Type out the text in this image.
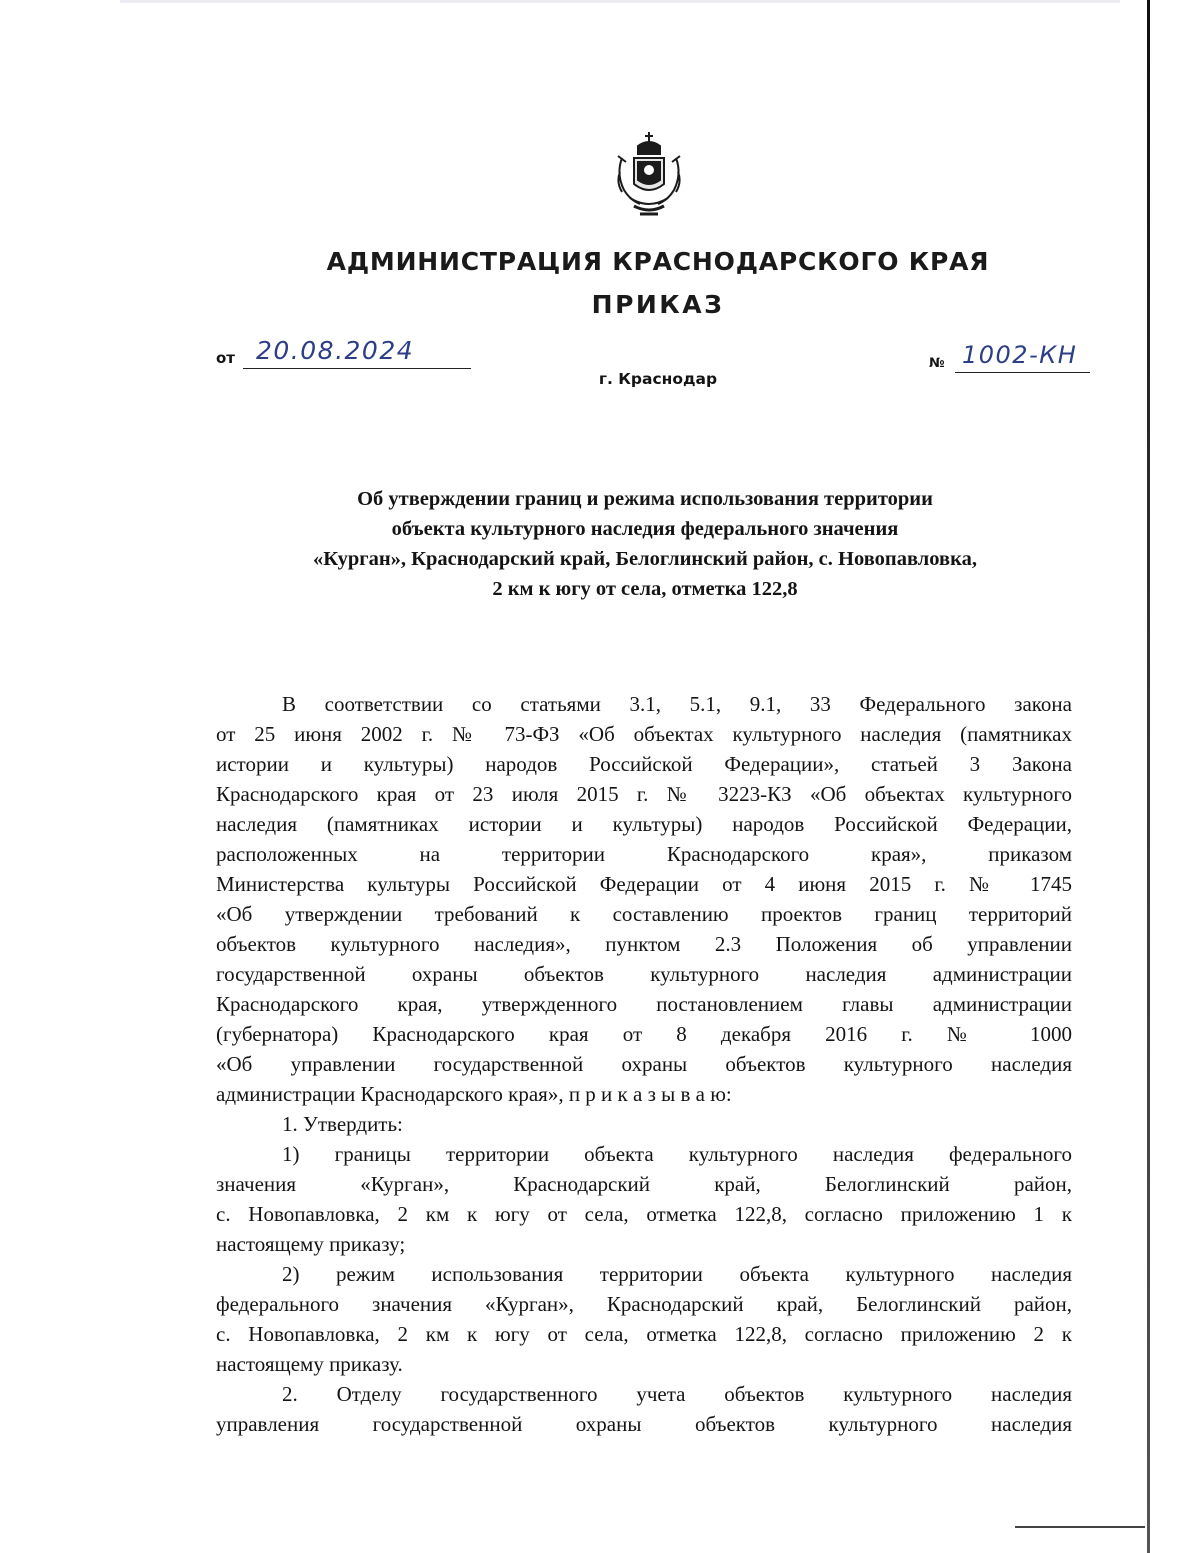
АДМИНИСТРАЦИЯ КРАСНОДАРСКОГО КРАЯ
ПРИКАЗ
от 20.08.2024
г. Краснодар
№ 1002-КН
Об утверждении границ и режима использования территории
объекта культурного наследия федерального значения
«Курган», Краснодарский край, Белоглинский район, с. Новопавловка,
2 км к югу от села, отметка 122,8
В соответствии со статьями 3.1, 5.1, 9.1, 33 Федерального закона
от 25 июня 2002 г. № 73-ФЗ «Об объектах культурного наследия (памятниках
истории и культуры) народов Российской Федерации», статьей 3 Закона
Краснодарского края от 23 июля 2015 г. № 3223-КЗ «Об объектах культурного
наследия (памятниках истории и культуры) народов Российской Федерации,
расположенных на территории Краснодарского края», приказом
Министерства культуры Российской Федерации от 4 июня 2015 г. № 1745
«Об утверждении требований к составлению проектов границ территорий
объектов культурного наследия», пунктом 2.3 Положения об управлении
государственной охраны объектов культурного наследия администрации
Краснодарского края, утвержденного постановлением главы администрации
(губернатора) Краснодарского края от 8 декабря 2016 г. № 1000
«Об управлении государственной охраны объектов культурного наследия
администрации Краснодарского края», п р и к а з ы в а ю:
1. Утвердить:
1) границы территории объекта культурного наследия федерального
значения «Курган», Краснодарский край, Белоглинский район,
с. Новопавловка, 2 км к югу от села, отметка 122,8, согласно приложению 1 к
настоящему приказу;
2) режим использования территории объекта культурного наследия
федерального значения «Курган», Краснодарский край, Белоглинский район,
с. Новопавловка, 2 км к югу от села, отметка 122,8, согласно приложению 2 к
настоящему приказу.
2. Отделу государственного учета объектов культурного наследия
управления государственной охраны объектов культурного наследия
